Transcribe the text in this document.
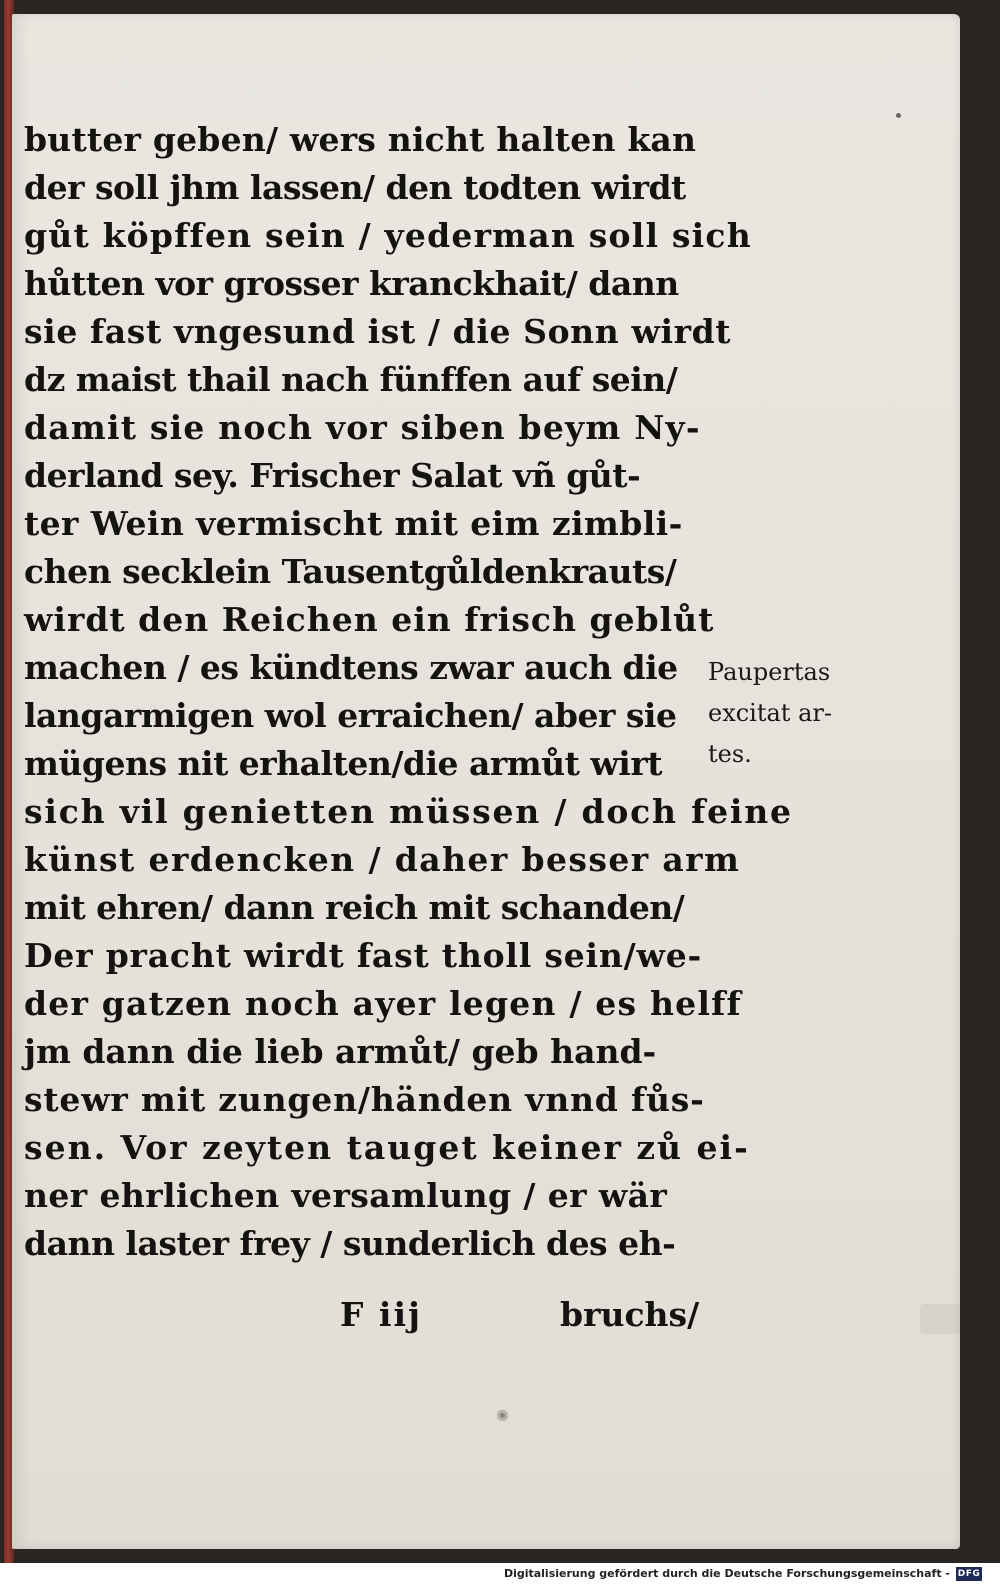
butter geben/ wers nicht halten kan
der soll jhm lassen/ den todten wirdt
gůt köpffen sein / yederman soll sich
hůtten vor grosser kranckhait/ dann
sie fast vngesund ist / die Sonn wirdt
dz maist thail nach fünffen auf sein/
damit sie noch vor siben beym Ny-
derland sey. Frischer Salat vñ gůt-
ter Wein vermischt mit eim zimbli-
chen secklein Tausentgůldenkrauts/
wirdt den Reichen ein frisch geblůt
machen / es kündtens zwar auch die
langarmigen wol erraichen/ aber sie
mügens nit erhalten/die armůt wirt
sich vil genietten müssen / doch feine
künst erdencken / daher besser arm
mit ehren/ dann reich mit schanden/
Der pracht wirdt fast tholl sein/we-
der gatzen noch ayer legen / es helff
jm dann die lieb armůt/ geb hand-
stewr mit zungen/händen vnnd fůs-
sen. Vor zeyten tauget keiner zů ei-
ner ehrlichen versamlung / er wär
dann laster frey / sunderlich des eh-
F iij	bruchs/
Paupertas
excitat ar-
tes.
Digitalisierung gefördert durch die Deutsche Forschungsgemeinschaft - DFG
